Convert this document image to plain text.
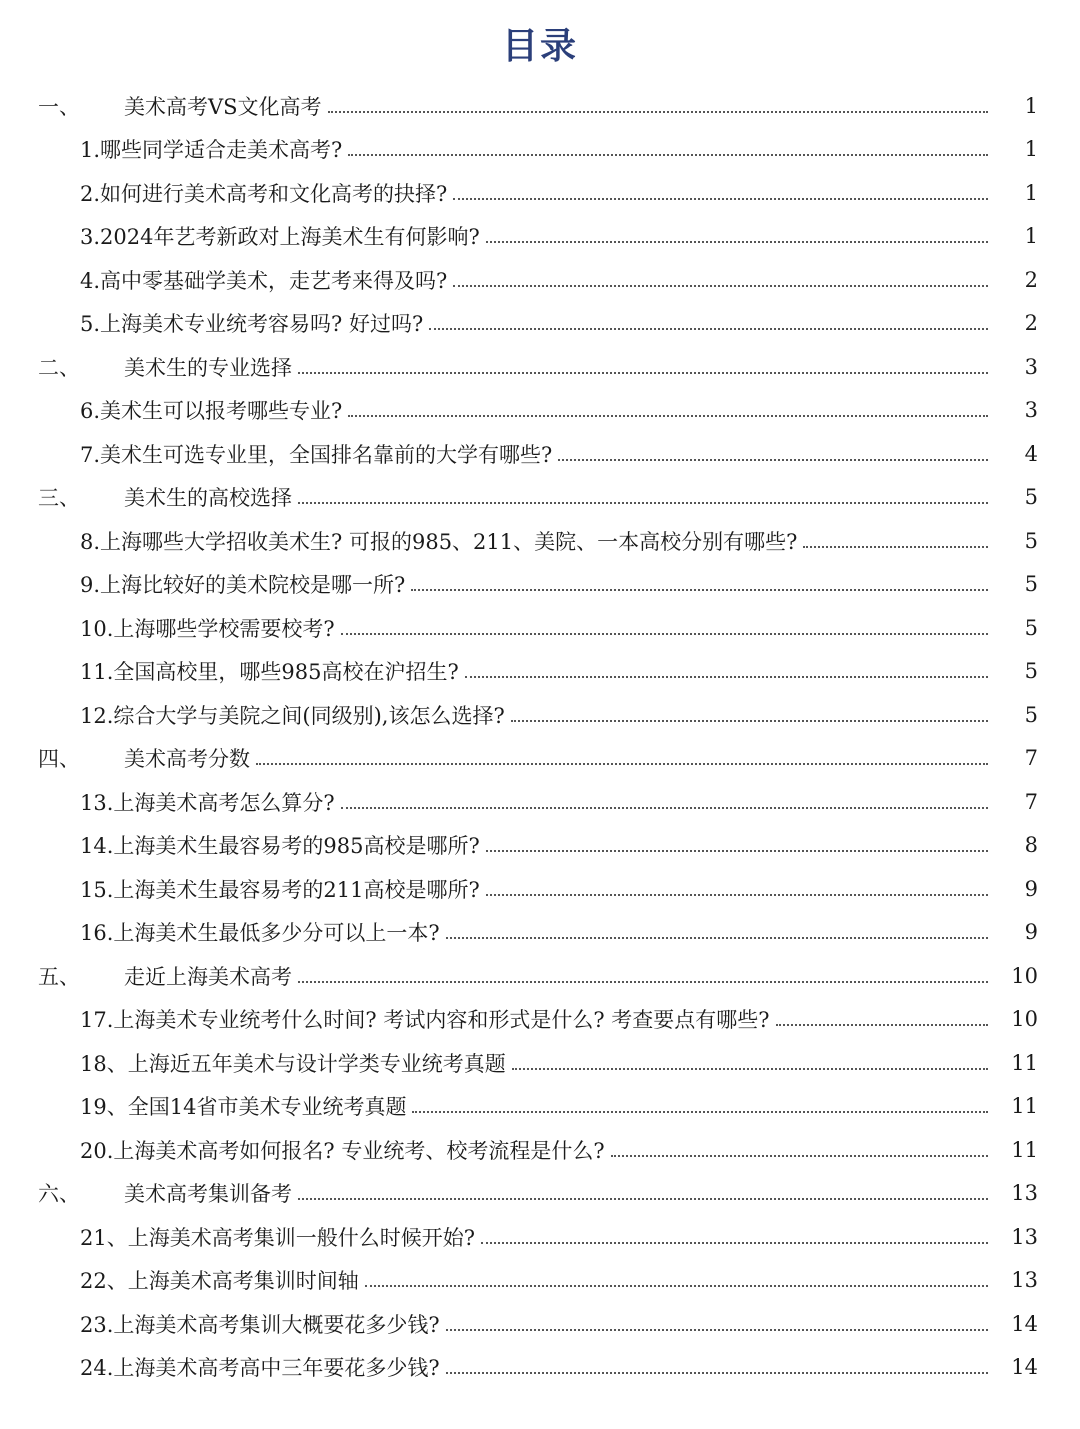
目录
一、	美术高考VS文化高考	1
1.哪些同学适合走美术高考?	1
2.如何进行美术高考和文化高考的抉择?	1
3.2024年艺考新政对上海美术生有何影响?	1
4.高中零基础学美术，走艺考来得及吗?	2
5.上海美术专业统考容易吗? 好过吗?	2
二、	美术生的专业选择	3
6.美术生可以报考哪些专业?	3
7.美术生可选专业里，全国排名靠前的大学有哪些?	4
三、	美术生的高校选择	5
8.上海哪些大学招收美术生? 可报的985、211、美院、一本高校分别有哪些?	5
9.上海比较好的美术院校是哪一所?	5
10.上海哪些学校需要校考?	5
11.全国高校里，哪些985高校在沪招生?	5
12.综合大学与美院之间(同级别),该怎么选择?	5
四、	美术高考分数	7
13.上海美术高考怎么算分?	7
14.上海美术生最容易考的985高校是哪所?	8
15.上海美术生最容易考的211高校是哪所?	9
16.上海美术生最低多少分可以上一本?	9
五、	走近上海美术高考	10
17.上海美术专业统考什么时间? 考试内容和形式是什么? 考查要点有哪些?	10
18、上海近五年美术与设计学类专业统考真题	11
19、全国14省市美术专业统考真题	11
20.上海美术高考如何报名? 专业统考、校考流程是什么?	11
六、	美术高考集训备考	13
21、上海美术高考集训一般什么时候开始?	13
22、上海美术高考集训时间轴	13
23.上海美术高考集训大概要花多少钱?	14
24.上海美术高考高中三年要花多少钱?	14
